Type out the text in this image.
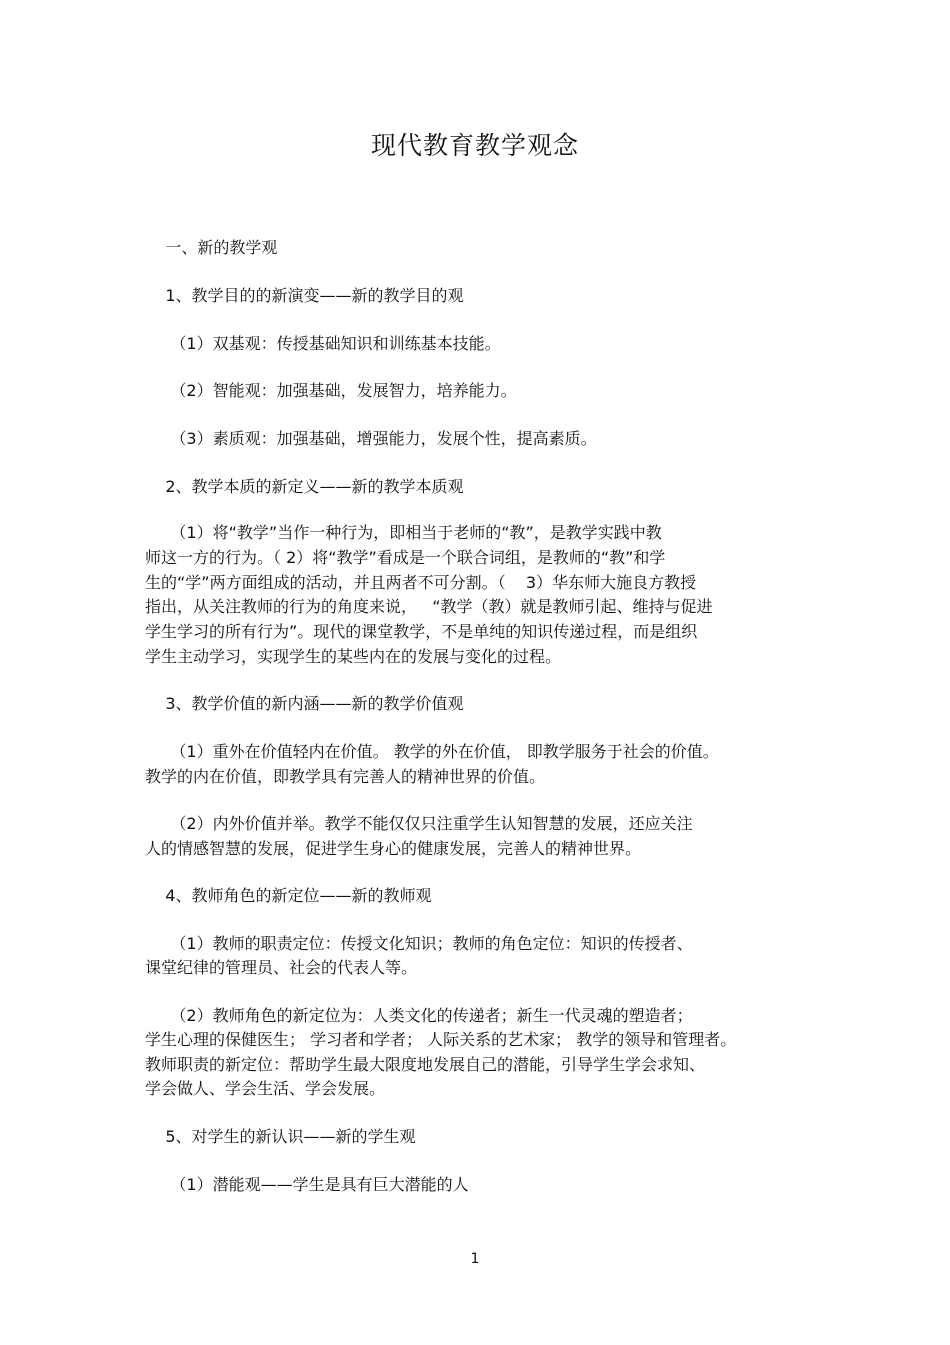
现代教育教学观念
一、新的教学观
1、教学目的的新演变——新的教学目的观
（1）双基观：传授基础知识和训练基本技能。
（2）智能观：加强基础，发展智力，培养能力。
（3）素质观：加强基础，增强能力，发展个性，提高素质。
2、教学本质的新定义——新的教学本质观
（1）将“教学”当作一种行为，即相当于老师的“教”，是教学实践中教
师这一方的行为。（ 2）将“教学”看成是一个联合词组，是教师的“教”和学
生的“学”两方面组成的活动，并且两者不可分割。（    3）华东师大施良方教授
指出，从关注教师的行为的角度来说，   “教学（教）就是教师引起、维持与促进
学生学习的所有行为”。现代的课堂教学，不是单纯的知识传递过程，而是组织
学生主动学习，实现学生的某些内在的发展与变化的过程。
3、教学价值的新内涵——新的教学价值观
（1）重外在价值轻内在价值。 教学的外在价值， 即教学服务于社会的价值。
教学的内在价值，即教学具有完善人的精神世界的价值。
（2）内外价值并举。教学不能仅仅只注重学生认知智慧的发展，还应关注
人的情感智慧的发展，促进学生身心的健康发展，完善人的精神世界。
4、教师角色的新定位——新的教师观
（1）教师的职责定位：传授文化知识；教师的角色定位：知识的传授者、
课堂纪律的管理员、社会的代表人等。
（2）教师角色的新定位为：人类文化的传递者；新生一代灵魂的塑造者；
学生心理的保健医生； 学习者和学者； 人际关系的艺术家； 教学的领导和管理者。
教师职责的新定位：帮助学生最大限度地发展自己的潜能，引导学生学会求知、
学会做人、学会生活、学会发展。
5、对学生的新认识——新的学生观
（1）潜能观——学生是具有巨大潜能的人
1
